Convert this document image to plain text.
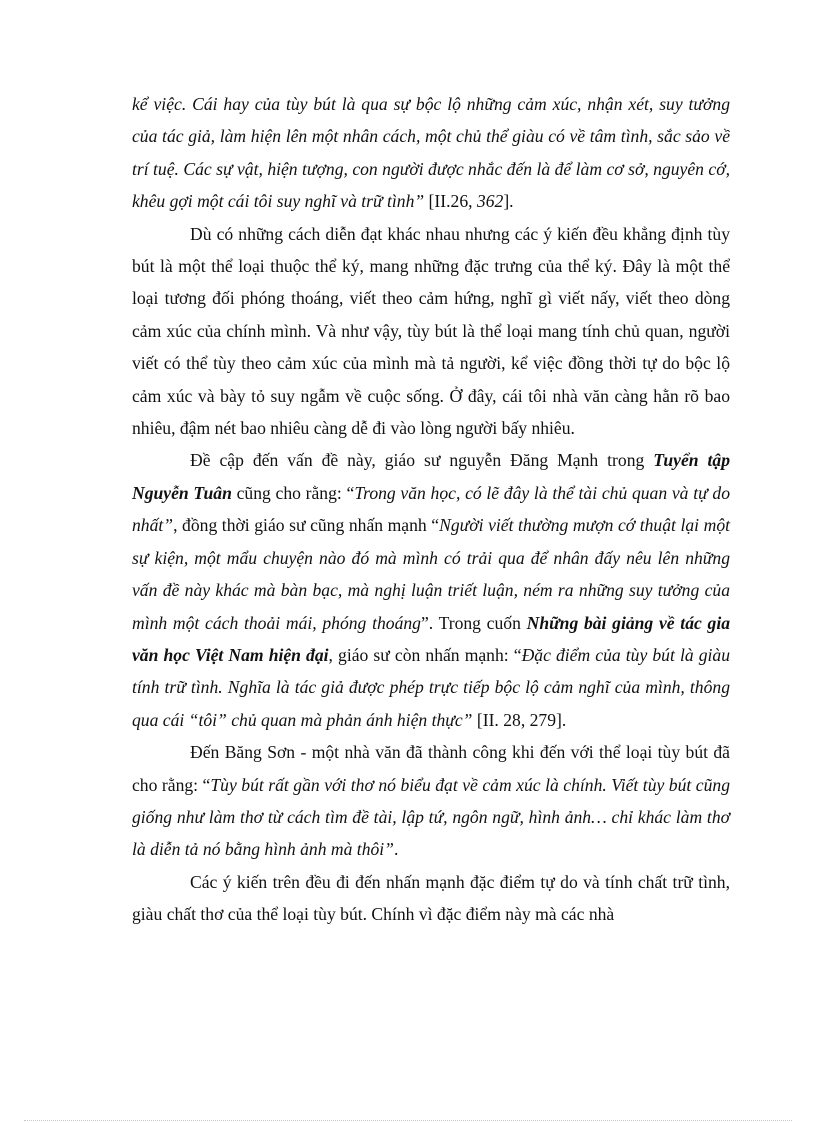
kể việc. Cái hay của tùy bút là qua sự bộc lộ những cảm xúc, nhận xét, suy tưởng của tác giả, làm hiện lên một nhân cách, một chủ thể giàu có về tâm tình, sắc sảo về trí tuệ. Các sự vật, hiện tượng, con người được nhắc đến là để làm cơ sở, nguyên cớ, khêu gợi một cái tôi suy nghĩ và trữ tình” [II.26, 362].

Dù có những cách diễn đạt khác nhau nhưng các ý kiến đều khẳng định tùy bút là một thể loại thuộc thể ký, mang những đặc trưng của thể ký. Đây là một thể loại tương đối phóng thoáng, viết theo cảm hứng, nghĩ gì viết nấy, viết theo dòng cảm xúc của chính mình. Và như vậy, tùy bút là thể loại mang tính chủ quan, người viết có thể tùy theo cảm xúc của mình mà tả người, kể việc đồng thời tự do bộc lộ cảm xúc và bày tỏ suy ngẫm về cuộc sống. Ở đây, cái tôi nhà văn càng hằn rõ bao nhiêu, đậm nét bao nhiêu càng dễ đi vào lòng người bấy nhiêu.

Đề cập đến vấn đề này, giáo sư nguyễn Đăng Mạnh trong Tuyển tập Nguyễn Tuân cũng cho rằng: “Trong văn học, có lẽ đây là thể tài chủ quan và tự do nhất”, đồng thời giáo sư cũng nhấn mạnh “Người viết thường mượn cớ thuật lại một sự kiện, một mẩu chuyện nào đó mà mình có trải qua để nhân đấy nêu lên những vấn đề này khác mà bàn bạc, mà nghị luận triết luận, ném ra những suy tưởng của mình một cách thoải mái, phóng thoáng”. Trong cuốn Những bài giảng về tác gia văn học Việt Nam hiện đại, giáo sư còn nhấn mạnh: “Đặc điểm của tùy bút là giàu tính trữ tình. Nghĩa là tác giả được phép trực tiếp bộc lộ cảm nghĩ của mình, thông qua cái “tôi” chủ quan mà phản ánh hiện thực” [II. 28, 279].

Đến Băng Sơn - một nhà văn đã thành công khi đến với thể loại tùy bút đã cho rằng: “Tùy bút rất gần với thơ nó biểu đạt về cảm xúc là chính. Viết tùy bút cũng giống như làm thơ từ cách tìm đề tài, lập tứ, ngôn ngữ, hình ảnh… chỉ khác làm thơ là diễn tả nó bằng hình ảnh mà thôi”.

Các ý kiến trên đều đi đến nhấn mạnh đặc điểm tự do và tính chất trữ tình, giàu chất thơ của thể loại tùy bút. Chính vì đặc điểm này mà các nhà
